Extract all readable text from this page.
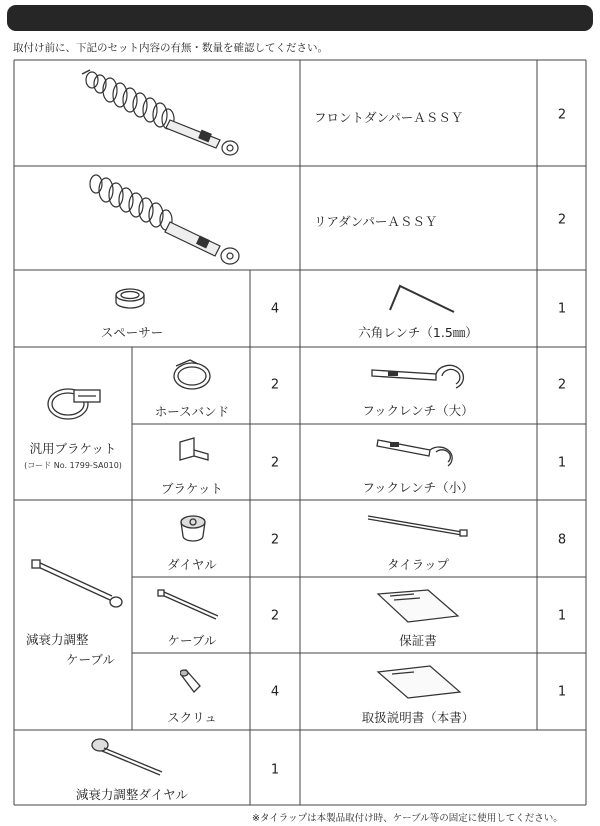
取付け前に、下記のセット内容の有無・数量を確認してください。
フロントダンパーＡＳＳＹ	2
リアダンパーＡＳＳＹ	2
スペーサー
4
六角レンチ（1.5㎜）
1
汎用ブラケット
(コード No. 1799-SA010)
ホースバンド
2
フックレンチ（大）
2
ブラケット
2
フックレンチ（小）
1
減衰力調整
ケーブル
ダイヤル
2
タイラップ
8
ケーブル
2
保証書
1
スクリュ
4
取扱説明書（本書）
1
減衰力調整ダイヤル
1
※タイラップは本製品取付け時、ケーブル等の固定に使用してください。
